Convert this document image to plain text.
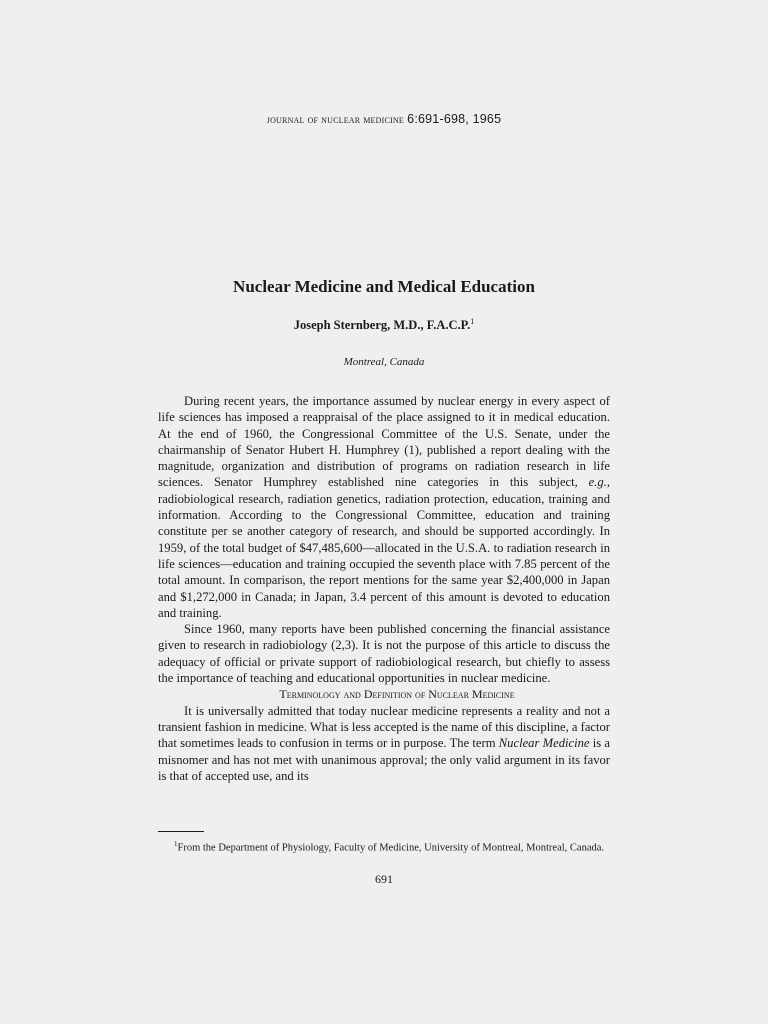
journal of nuclear medicine 6:691-698, 1965
Nuclear Medicine and Medical Education
Joseph Sternberg, M.D., F.A.C.P.$^1$
Montreal, Canada

During recent years, the importance assumed by nuclear energy in every aspect of life sciences has imposed a reappraisal of the place assigned to it in medical education. At the end of 1960, the Congressional Committee of the U.S. Senate, under the chairmanship of Senator Hubert H. Humphrey (1), published a report dealing with the magnitude, organization and distribution of programs on radiation research in life sciences. Senator Humphrey established nine categories in this subject, e.g., radiobiological research, radiation genetics, radiation protection, education, training and information. According to the Congressional Committee, education and training constitute per se another category of research, and should be supported accordingly. In 1959, of the total budget of $47,485,600—allocated in the U.S.A. to radiation research in life sciences—education and training occupied the seventh place with 7.85 percent of the total amount. In comparison, the report mentions for the same year $2,400,000 in Japan and $1,272,000 in Canada; in Japan, 3.4 percent of this amount is devoted to education and training.

Since 1960, many reports have been published concerning the financial assistance given to research in radiobiology (2,3). It is not the purpose of this article to discuss the adequacy of official or private support of radiobiological research, but chiefly to assess the importance of teaching and educational opportunities in nuclear medicine.

Terminology and Definition of Nuclear Medicine

It is universally admitted that today nuclear medicine represents a reality and not a transient fashion in medicine. What is less accepted is the name of this discipline, a factor that sometimes leads to confusion in terms or in purpose. The term Nuclear Medicine is a misnomer and has not met with unanimous approval; the only valid argument in its favor is that of accepted use, and its

$^1$From the Department of Physiology, Faculty of Medicine, University of Montreal, Montreal, Canada.

691
